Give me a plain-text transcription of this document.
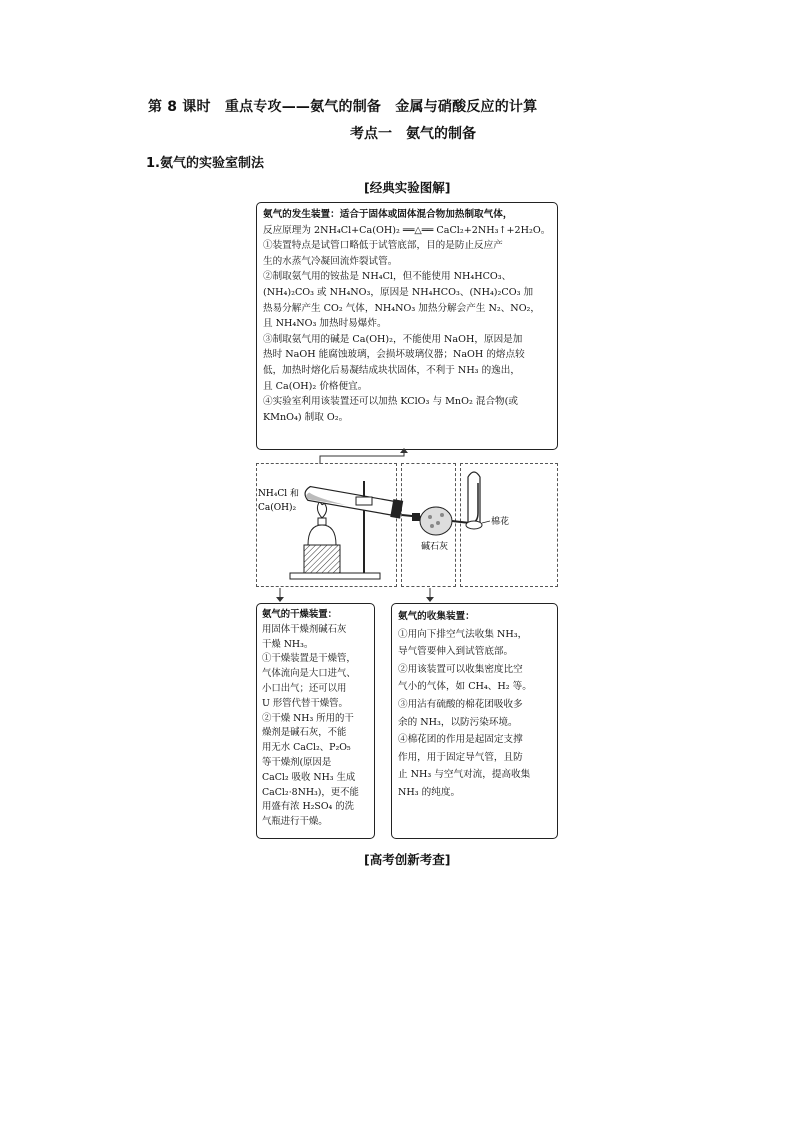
第 8 课时　重点专攻——氨气的制备　金属与硝酸反应的计算
考点一　氨气的制备
1.氨气的实验室制法
[经典实验图解]

氨气的发生装置：适合于固体或固体混合物加热制取气体，

反应原理为 2NH₄Cl+Ca(OH)₂ ══△══ CaCl₂+2NH₃↑+2H₂O。

①装置特点是试管口略低于试管底部，目的是防止反应产

生的水蒸气冷凝回流炸裂试管。

②制取氨气用的铵盐是 NH₄Cl，但不能使用 NH₄HCO₃、

(NH₄)₂CO₃ 或 NH₄NO₃，原因是 NH₄HCO₃、(NH₄)₂CO₃ 加

热易分解产生 CO₂ 气体，NH₄NO₃ 加热分解会产生 N₂、NO₂，

且 NH₄NO₃ 加热时易爆炸。

③制取氨气用的碱是 Ca(OH)₂，不能使用 NaOH，原因是加

热时 NaOH 能腐蚀玻璃，会损坏玻璃仪器；NaOH 的熔点较

低，加热时熔化后易凝结成块状固体，不利于 NH₃ 的逸出，

且 Ca(OH)₂ 价格便宜。

④实验室利用该装置还可以加热 KClO₃ 与 MnO₂ 混合物(或

KMnO₄) 制取 O₂。

NH₄Cl 和
Ca(OH)₂
碱石灰
棉花

氨气的干燥装置：

用固体干燥剂碱石灰

干燥 NH₃。

①干燥装置是干燥管，

气体流向是大口进气、

小口出气；还可以用

U 形管代替干燥管。

②干燥 NH₃ 所用的干

燥剂是碱石灰，不能

用无水 CaCl₂、P₂O₅

等干燥剂(原因是

CaCl₂ 吸收 NH₃ 生成

CaCl₂·8NH₃)，更不能

用盛有浓 H₂SO₄ 的洗

气瓶进行干燥。

氨气的收集装置：

①用向下排空气法收集 NH₃，

导气管要伸入到试管底部。

②用该装置可以收集密度比空

气小的气体，如 CH₄、H₂ 等。

③用沾有硫酸的棉花团吸收多

余的 NH₃，以防污染环境。

④棉花团的作用是起固定支撑

作用，用于固定导气管，且防

止 NH₃ 与空气对流，提高收集

NH₃ 的纯度。

[高考创新考查]
